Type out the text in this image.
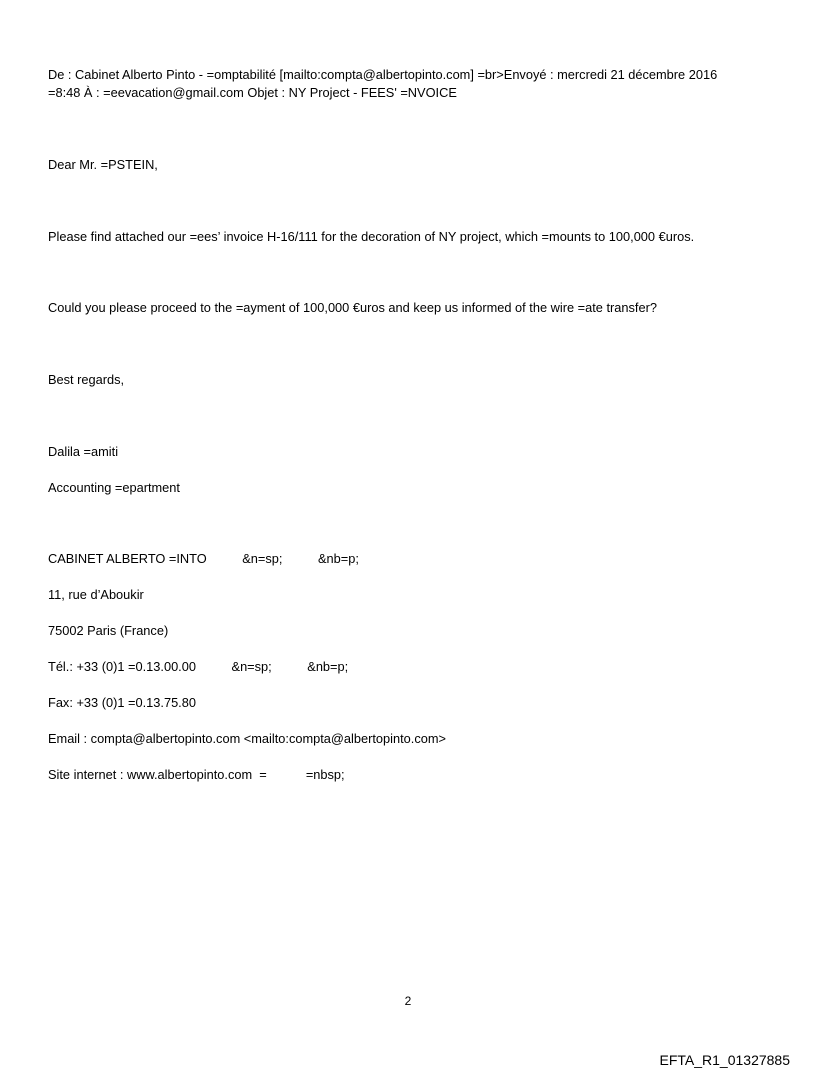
De : Cabinet Alberto Pinto - =omptabilité [mailto:compta@albertopinto.com] =br>Envoyé : mercredi 21 décembre 2016
=8:48 À : =eevacation@gmail.com Objet : NY Project - FEES' =NVOICE
Dear Mr. =PSTEIN,
Please find attached our =ees’ invoice H-16/111 for the decoration of NY project, which =mounts to 100,000 €uros.
Could you please proceed to the =ayment of 100,000 €uros and keep us informed of the wire =ate transfer?
Best regards,
Dalila =amiti
Accounting =epartment
CABINET ALBERTO =INTO          &n=sp;          &nb=p;
11, rue d’Aboukir
75002 Paris (France)
Tél.: +33 (0)1 =0.13.00.00          &n=sp;          &nb=p;
Fax: +33 (0)1 =0.13.75.80
Email : compta@albertopinto.com <mailto:compta@albertopinto.com>
Site internet : www.albertopinto.com  =           =nbsp;
2
EFTA_R1_01327885
